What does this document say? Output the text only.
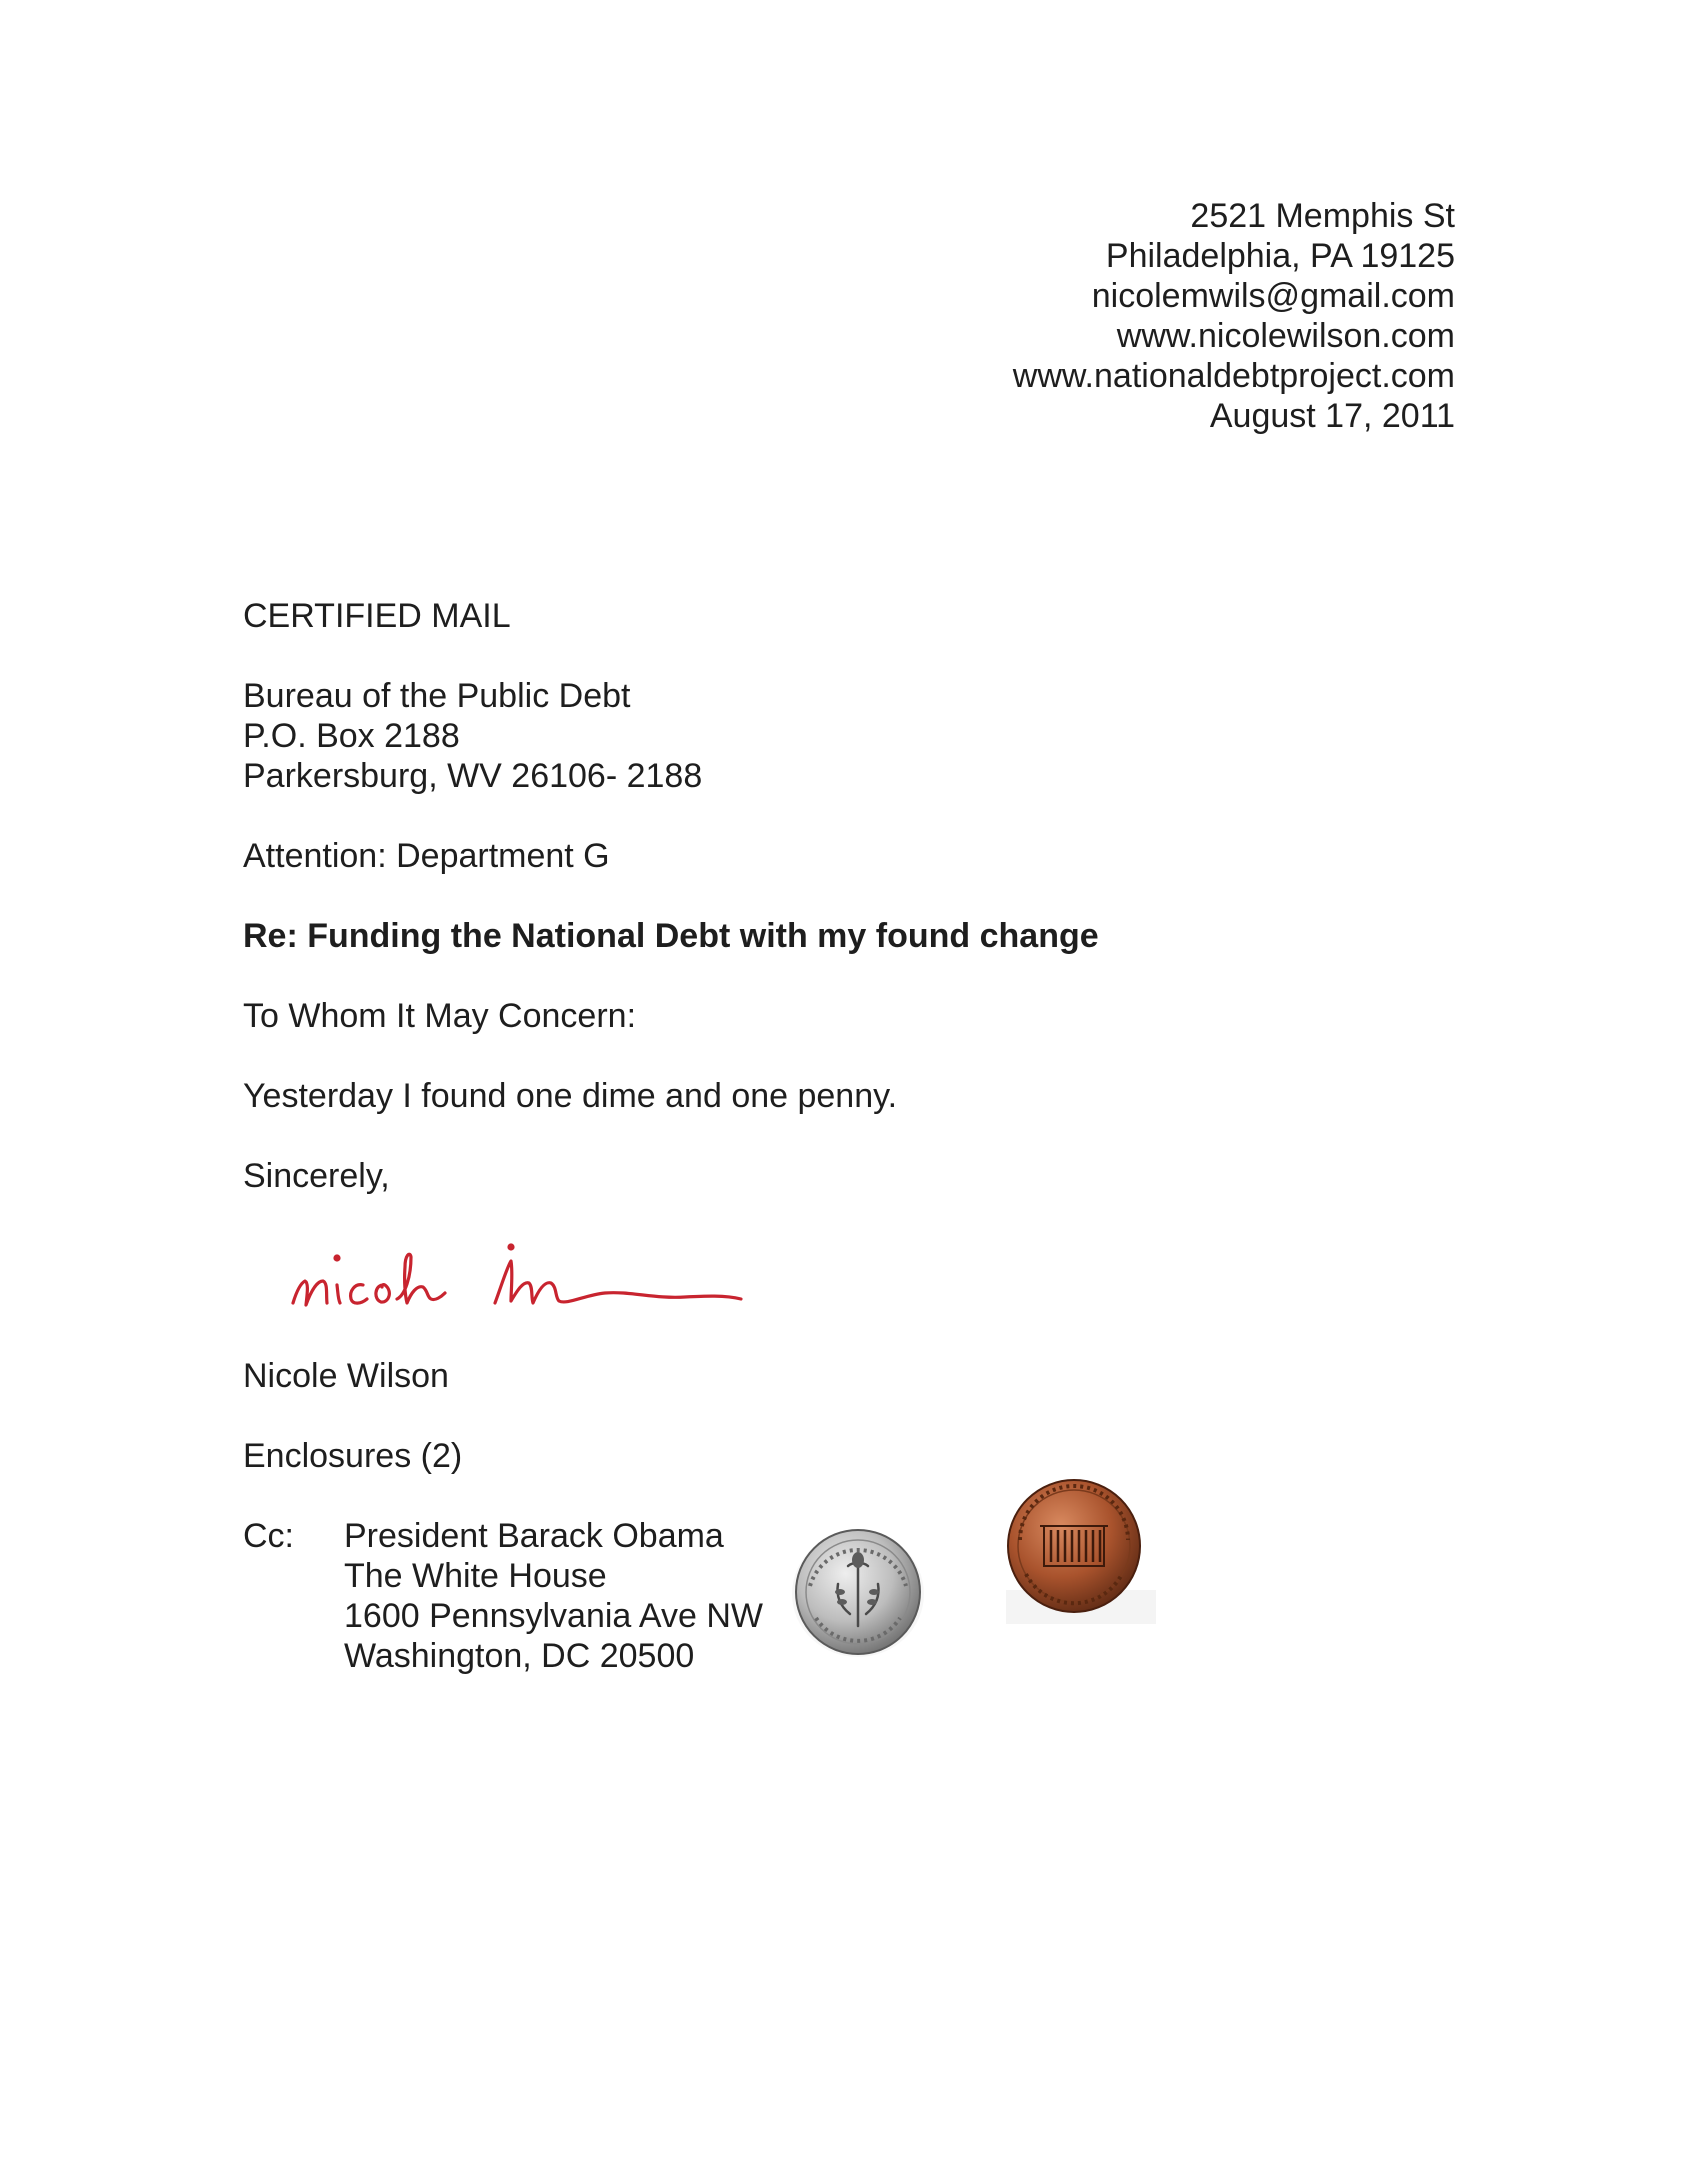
2521 Memphis St
Philadelphia, PA 19125
nicolemwils@gmail.com
www.nicolewilson.com
www.nationaldebtproject.com
August 17, 2011
CERTIFIED MAIL
Bureau of the Public Debt
P.O. Box 2188
Parkersburg, WV 26106- 2188
Attention: Department G
Re: Funding the National Debt with my found change
To Whom It May Concern:
Yesterday I found one dime and one penny.
Sincerely,
Nicole Wilson
Enclosures (2)
Cc: President Barack Obama
The White House
1600 Pennsylvania Ave NW
Washington, DC 20500
